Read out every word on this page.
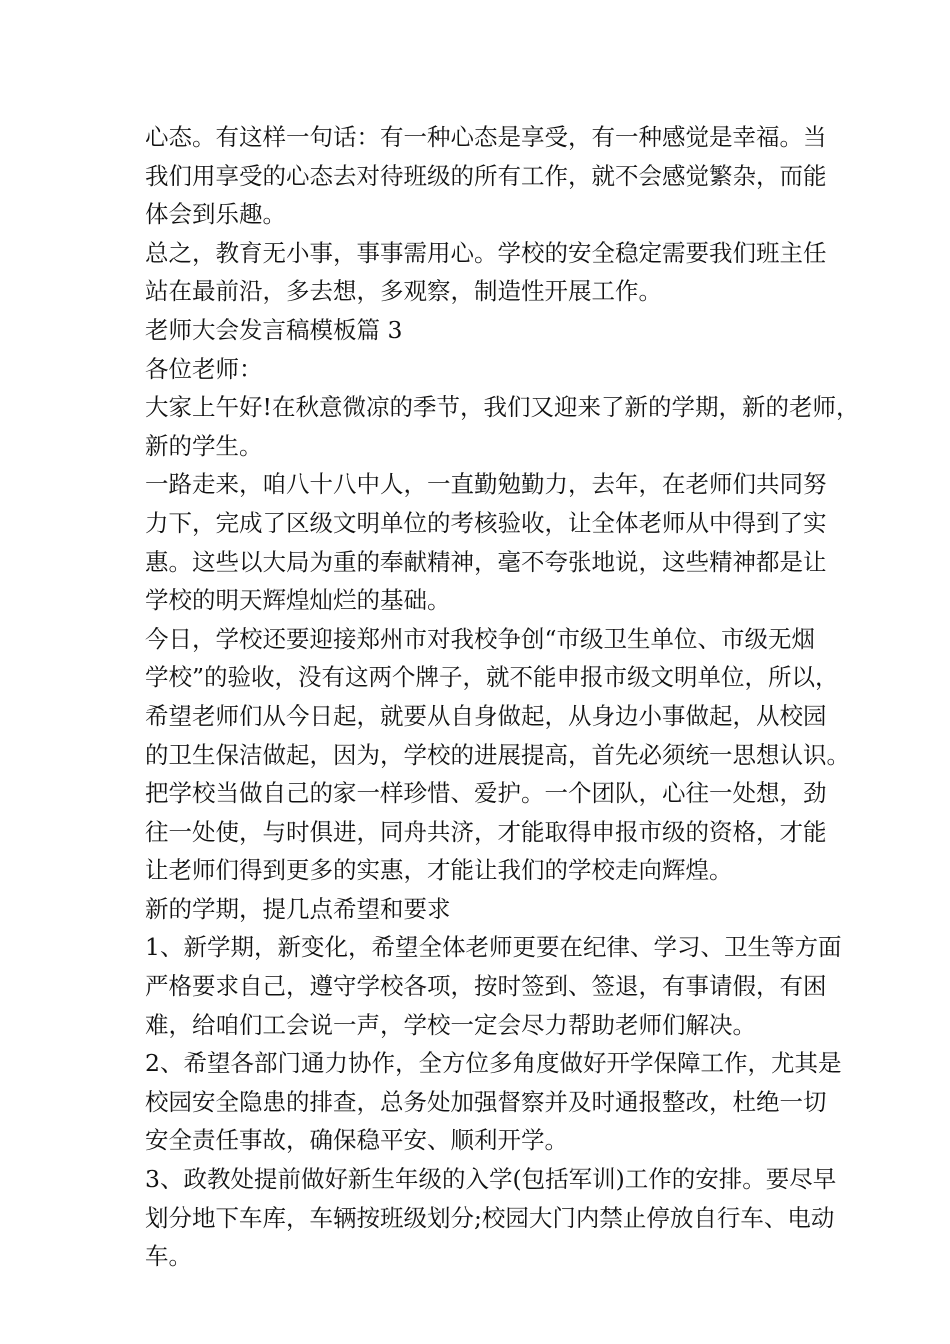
心态。有这样一句话：有一种心态是享受，有一种感觉是幸福。当
我们用享受的心态去对待班级的所有工作，就不会感觉繁杂，而能
体会到乐趣。
总之，教育无小事，事事需用心。学校的安全稳定需要我们班主任
站在最前沿，多去想，多观察，制造性开展工作。
老师大会发言稿模板篇 3
各位老师：
大家上午好!在秋意微凉的季节，我们又迎来了新的学期，新的老师，
新的学生。
一路走来，咱八十八中人，一直勤勉勤力，去年，在老师们共同努
力下，完成了区级文明单位的考核验收，让全体老师从中得到了实
惠。这些以大局为重的奉献精神，毫不夸张地说，这些精神都是让
学校的明天辉煌灿烂的基础。
今日，学校还要迎接郑州市对我校争创“市级卫生单位、市级无烟
学校”的验收，没有这两个牌子，就不能申报市级文明单位，所以，
希望老师们从今日起，就要从自身做起，从身边小事做起，从校园
的卫生保洁做起，因为，学校的进展提高，首先必须统一思想认识。
把学校当做自己的家一样珍惜、爱护。一个团队，心往一处想，劲
往一处使，与时俱进，同舟共济，才能取得申报市级的资格，才能
让老师们得到更多的实惠，才能让我们的学校走向辉煌。
新的学期，提几点希望和要求
1、新学期，新变化，希望全体老师更要在纪律、学习、卫生等方面
严格要求自己，遵守学校各项，按时签到、签退，有事请假，有困
难，给咱们工会说一声，学校一定会尽力帮助老师们解决。
2、希望各部门通力协作，全方位多角度做好开学保障工作，尤其是
校园安全隐患的排查，总务处加强督察并及时通报整改，杜绝一切
安全责任事故，确保稳平安、顺利开学。
3、政教处提前做好新生年级的入学(包括军训)工作的安排。要尽早
划分地下车库，车辆按班级划分;校园大门内禁止停放自行车、电动
车。
